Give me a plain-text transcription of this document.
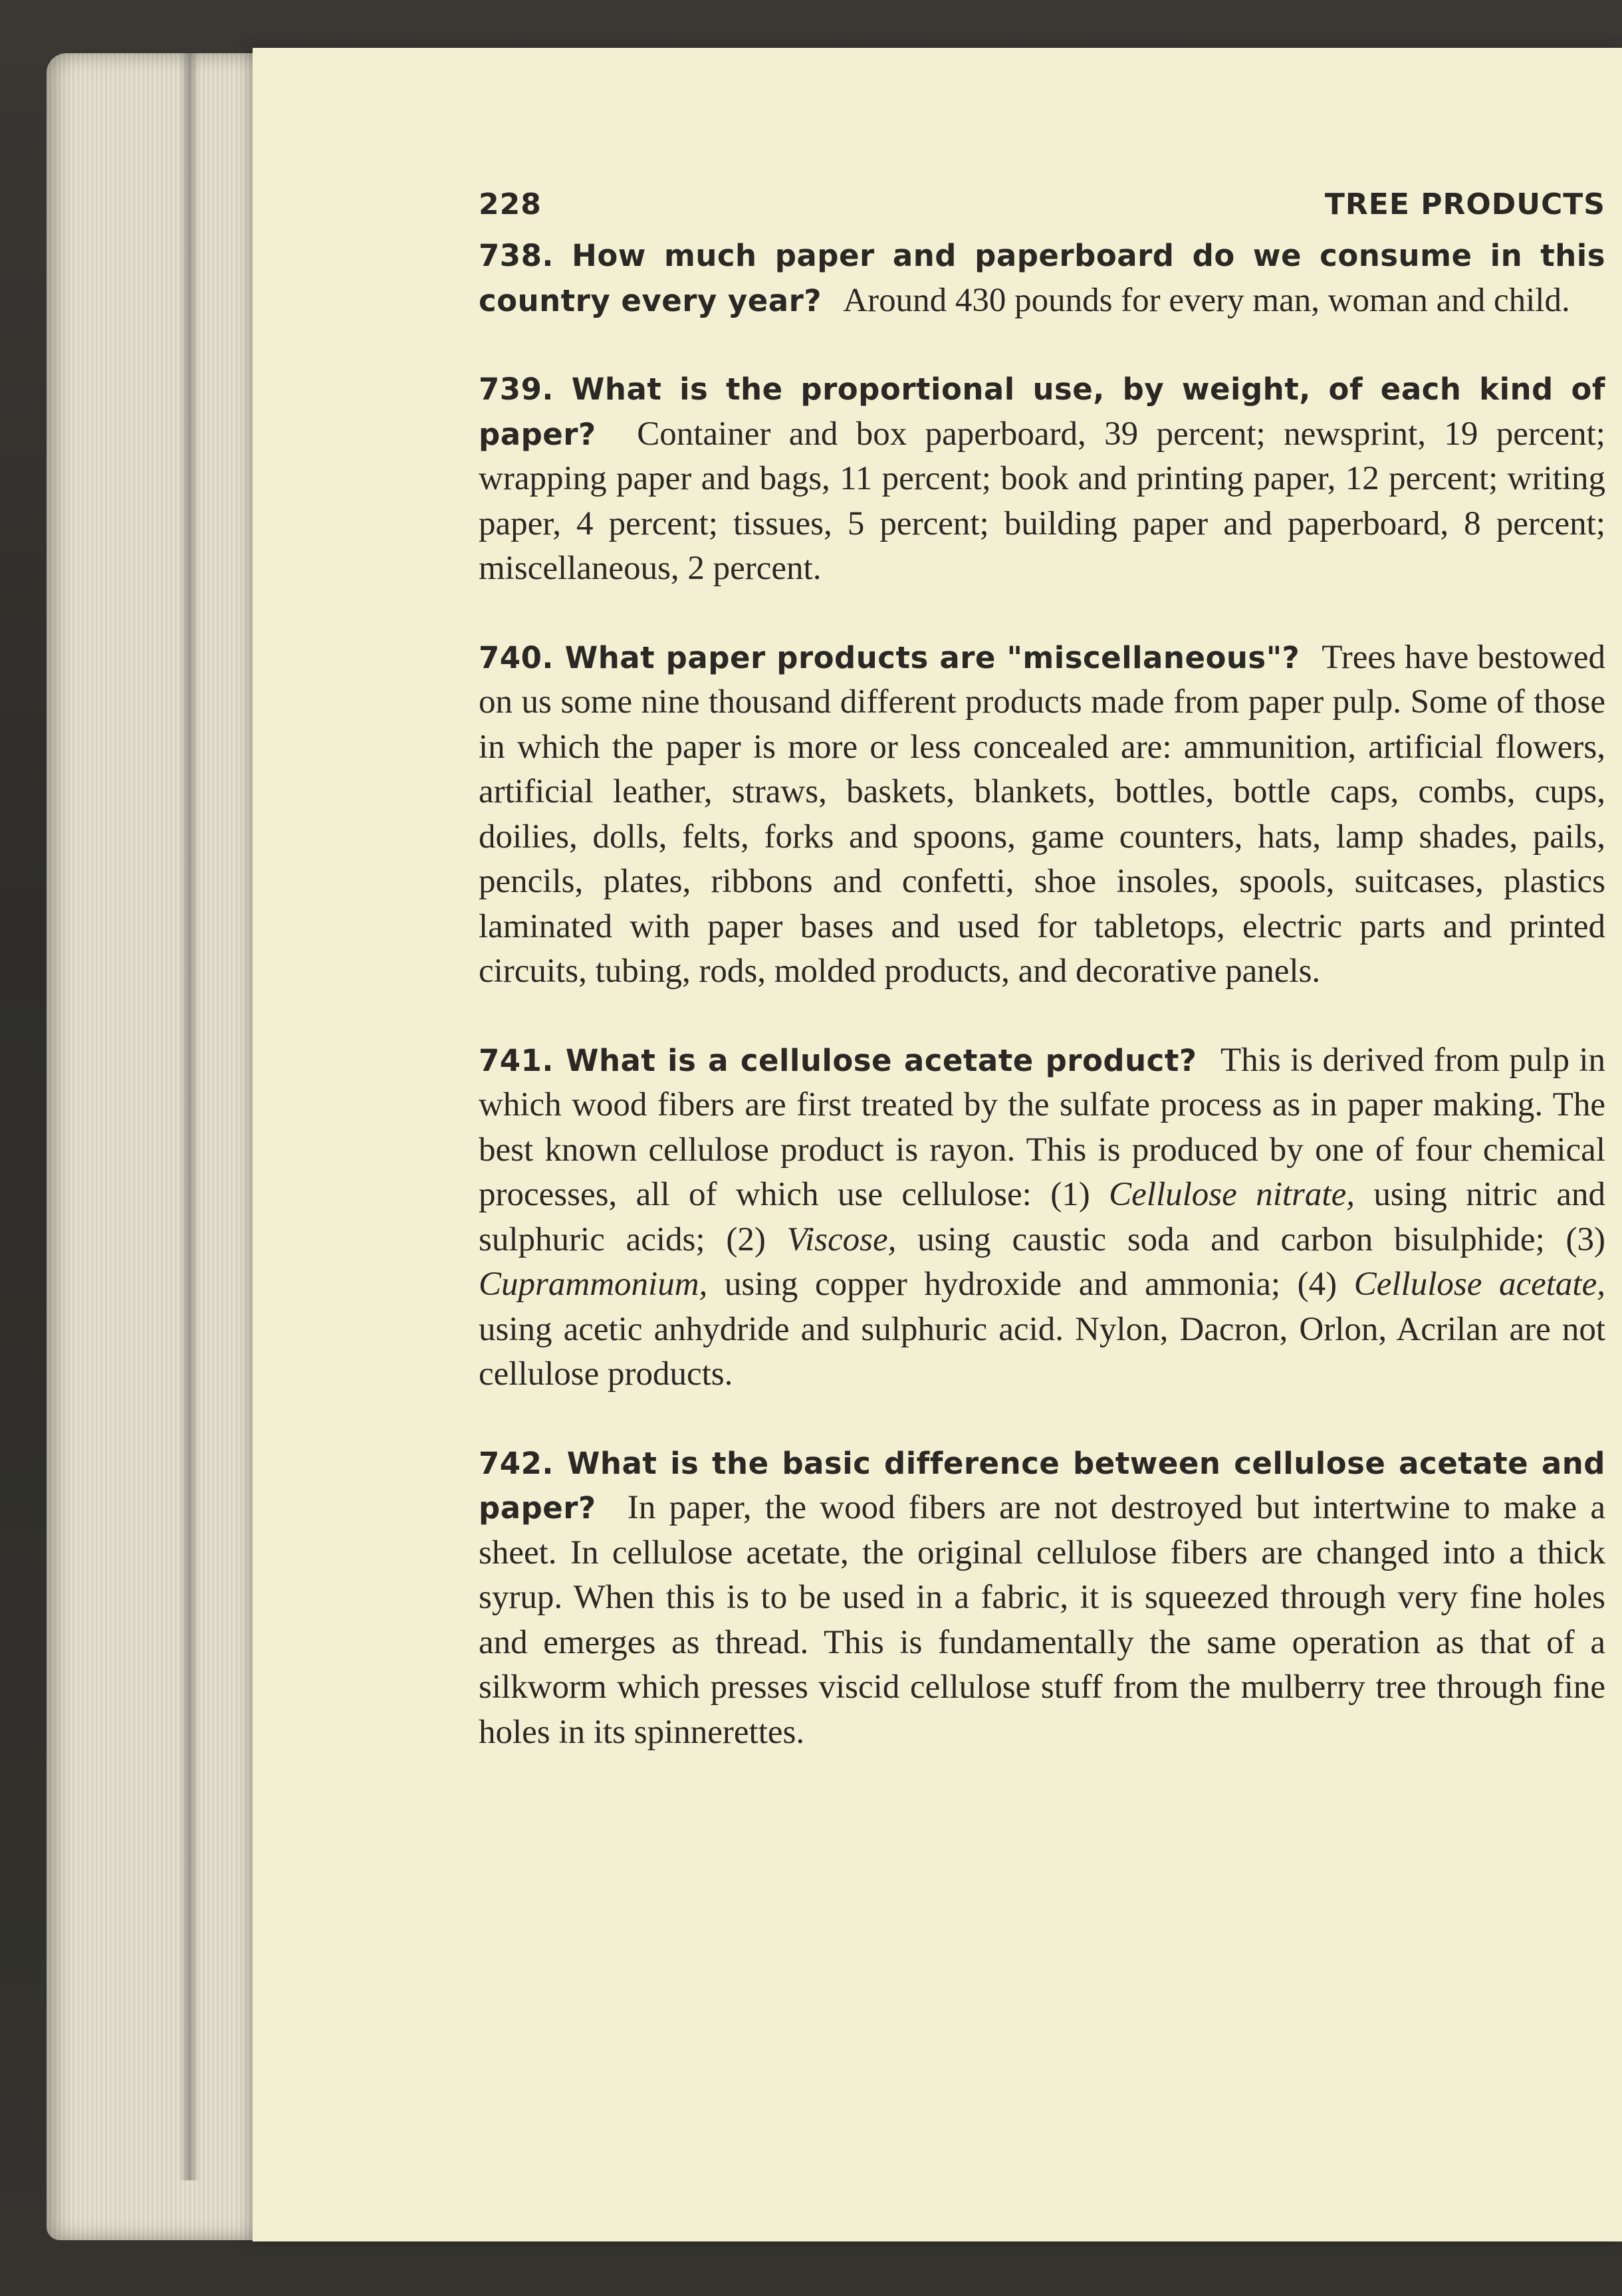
228	TREE PRODUCTS

738. How much paper and paperboard do we consume in this country every year?  Around 430 pounds for every man, woman and child.

739. What is the proportional use, by weight, of each kind of paper?  Container and box paperboard, 39 percent; newsprint, 19 percent; wrapping paper and bags, 11 percent; book and printing paper, 12 percent; writing paper, 4 percent; tissues, 5 percent; building paper and paperboard, 8 percent; miscellaneous, 2 percent.

740. What paper products are "miscellaneous"?  Trees have bestowed on us some nine thousand different products made from paper pulp. Some of those in which the paper is more or less concealed are: ammunition, artificial flowers, artificial leather, straws, baskets, blankets, bottles, bottle caps, combs, cups, doilies, dolls, felts, forks and spoons, game counters, hats, lamp shades, pails, pencils, plates, ribbons and confetti, shoe insoles, spools, suitcases, plastics laminated with paper bases and used for tabletops, electric parts and printed circuits, tubing, rods, molded products, and decorative panels.

741. What is a cellulose acetate product?  This is derived from pulp in which wood fibers are first treated by the sulfate process as in paper making. The best known cellulose product is rayon. This is produced by one of four chemical processes, all of which use cellulose: (1) Cellulose nitrate, using nitric and sulphuric acids; (2) Viscose, using caustic soda and carbon bisulphide; (3) Cuprammonium, using copper hydroxide and ammonia; (4) Cellulose acetate, using acetic anhydride and sulphuric acid. Nylon, Dacron, Orlon, Acrilan are not cellulose products.

742. What is the basic difference between cellulose acetate and paper?  In paper, the wood fibers are not destroyed but intertwine to make a sheet. In cellulose acetate, the original cellulose fibers are changed into a thick syrup. When this is to be used in a fabric, it is squeezed through very fine holes and emerges as thread. This is fundamentally the same operation as that of a silkworm which presses viscid cellulose stuff from the mulberry tree through fine holes in its spinnerettes.
